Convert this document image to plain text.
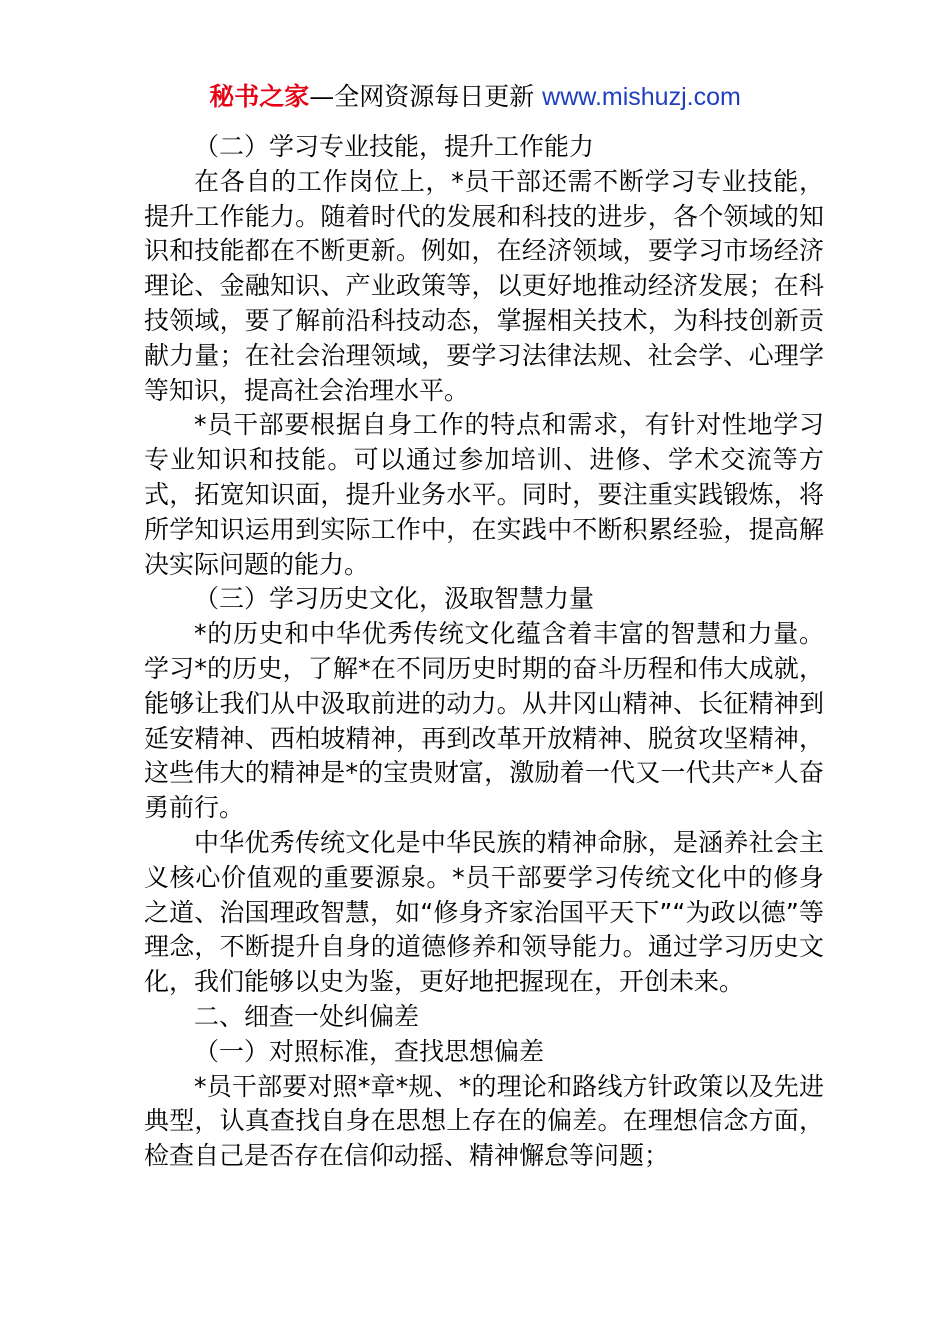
秘书之家—全网资源每日更新 www.mishuzj.com

（二）学习专业技能，提升工作能力

在各自的工作岗位上，*员干部还需不断学习专业技能，提升工作能力。随着时代的发展和科技的进步，各个领域的知识和技能都在不断更新。例如，在经济领域，要学习市场经济理论、金融知识、产业政策等，以更好地推动经济发展；在科技领域，要了解前沿科技动态，掌握相关技术，为科技创新贡献力量；在社会治理领域，要学习法律法规、社会学、心理学等知识，提高社会治理水平。

*员干部要根据自身工作的特点和需求，有针对性地学习专业知识和技能。可以通过参加培训、进修、学术交流等方式，拓宽知识面，提升业务水平。同时，要注重实践锻炼，将所学知识运用到实际工作中，在实践中不断积累经验，提高解决实际问题的能力。

（三）学习历史文化，汲取智慧力量

*的历史和中华优秀传统文化蕴含着丰富的智慧和力量。学习*的历史，了解*在不同历史时期的奋斗历程和伟大成就，能够让我们从中汲取前进的动力。从井冈山精神、长征精神到延安精神、西柏坡精神，再到改革开放精神、脱贫攻坚精神，这些伟大的精神是*的宝贵财富，激励着一代又一代共产*人奋勇前行。

中华优秀传统文化是中华民族的精神命脉，是涵养社会主义核心价值观的重要源泉。*员干部要学习传统文化中的修身之道、治国理政智慧，如“修身齐家治国平天下”“为政以德”等理念，不断提升自身的道德修养和领导能力。通过学习历史文化，我们能够以史为鉴，更好地把握现在，开创未来。

二、细查一处纠偏差

（一）对照标准，查找思想偏差

*员干部要对照*章*规、*的理论和路线方针政策以及先进典型，认真查找自身在思想上存在的偏差。在理想信念方面，检查自己是否存在信仰动摇、精神懈怠等问题；
